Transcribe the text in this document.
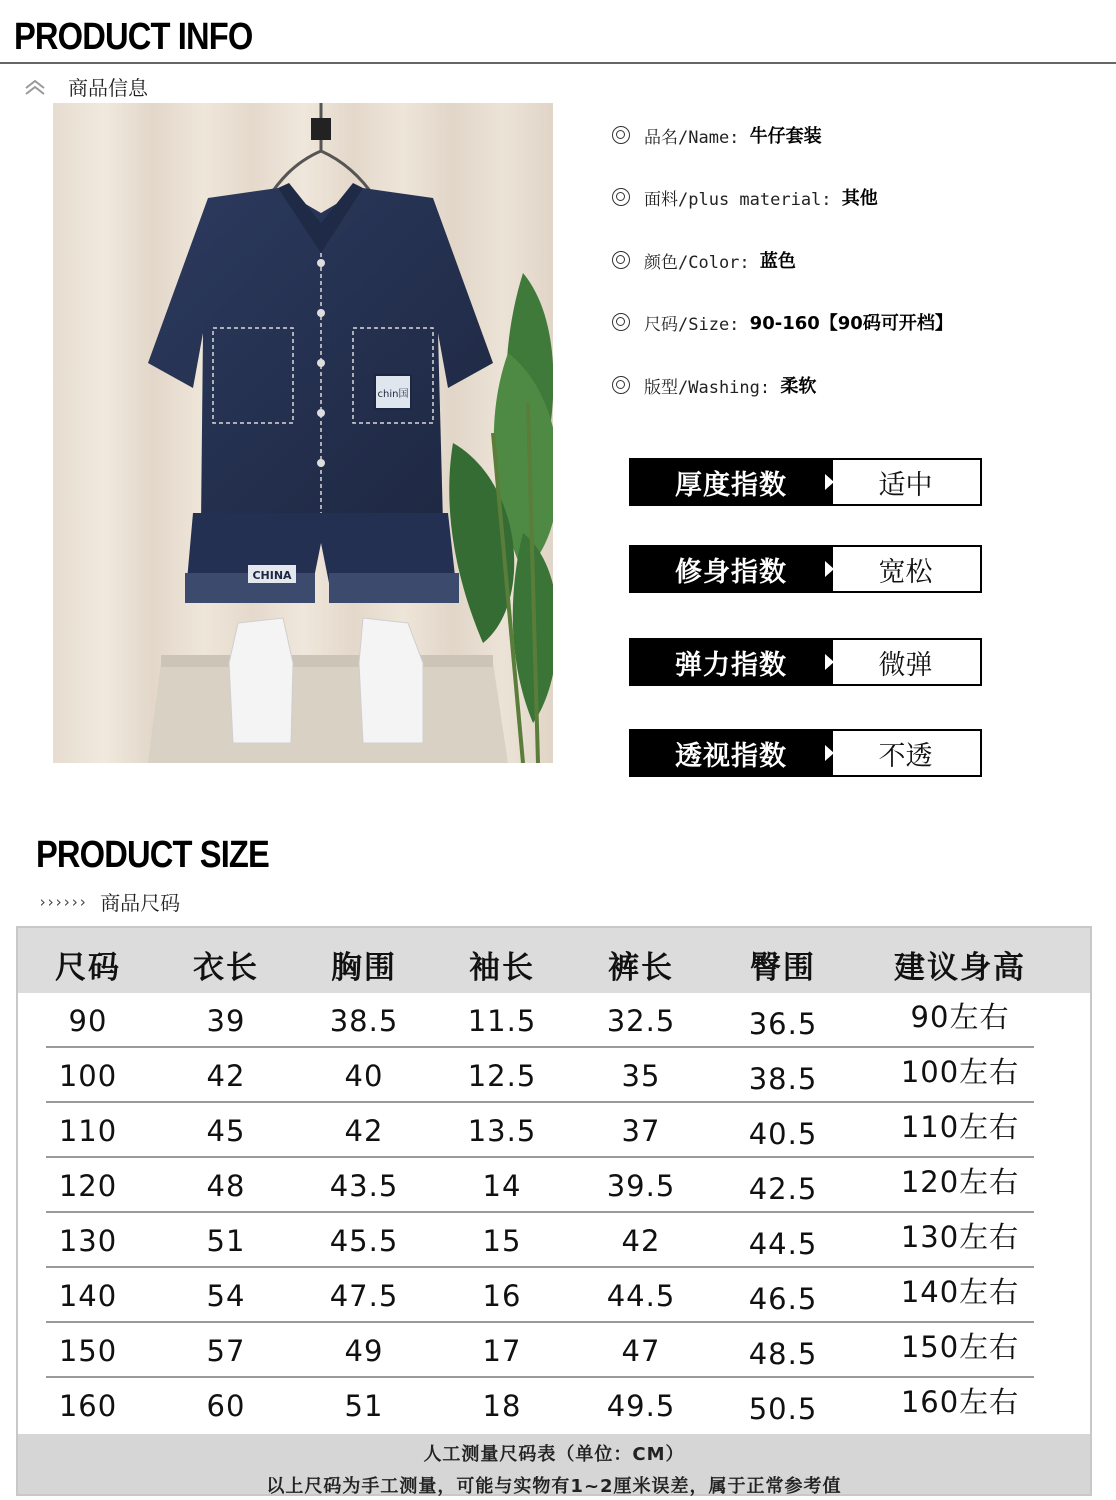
PRODUCT INFO
商品信息
chin国
CHINA
品名/Name:
牛仔套装
面料/plus material:
其他
颜色/Color:
蓝色
尺码/Size:
90-160【90码可开档】
版型/Washing:
柔软
厚度指数	适中
修身指数	宽松
弹力指数	微弹
透视指数	不透
PRODUCT SIZE
›››››› 商品尺码
尺码	衣长	胸围	袖长	裤长	臀围	建议身高
90	39	38.5	11.5	32.5	36.5	90左右
100	42	40	12.5	35	38.5	100左右
110	45	42	13.5	37	40.5	110左右
120	48	43.5	14	39.5	42.5	120左右
130	51	45.5	15	42	44.5	130左右
140	54	47.5	16	44.5	46.5	140左右
150	57	49	17	47	48.5	150左右
160	60	51	18	49.5	50.5	160左右
人工测量尺码表（单位：CM）
以上尺码为手工测量，可能与实物有1~2厘米误差，属于正常参考值
